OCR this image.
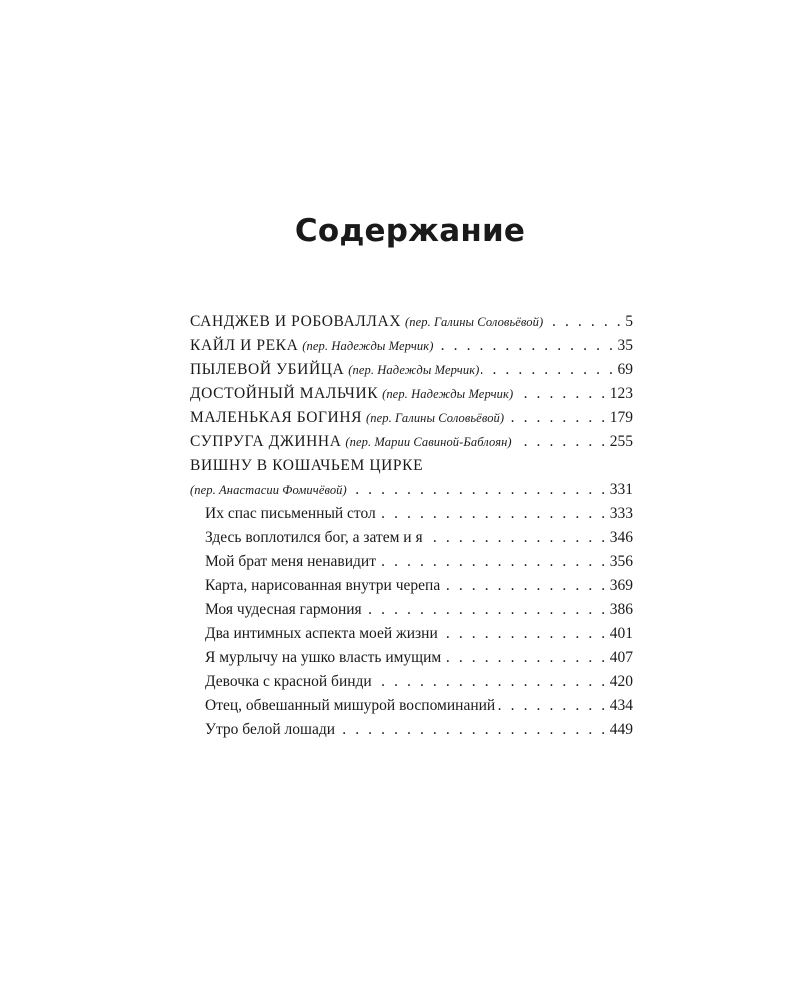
Содержание
САНДЖЕВ И РОБОВАЛЛАХ (пер. Галины Соловьёвой) . . .	5
КАЙЛ И РЕКА (пер. Надежды Мерчик) . . .	35
ПЫЛЕВОЙ УБИЙЦА (пер. Надежды Мерчик) . . .	69
ДОСТОЙНЫЙ МАЛЬЧИК (пер. Надежды Мерчик) . . .	123
МАЛЕНЬКАЯ БОГИНЯ (пер. Галины Соловьёвой) . . .	179
СУПРУГА ДЖИННА (пер. Марии Савиной-Баблоян) . . .	255
ВИШНУ В КОШАЧЬЕМ ЦИРКЕ
(пер. Анастасии Фомичёвой) . . .	331
Их спас письменный стол . . .	333
Здесь воплотился бог, а затем и я . . .	346
Мой брат меня ненавидит . . .	356
Карта, нарисованная внутри черепа . . .	369
Моя чудесная гармония . . .	386
Два интимных аспекта моей жизни . . .	401
Я мурлычу на ушко власть имущим . . .	407
Девочка с красной бинди . . .	420
Отец, обвешанный мишурой воспоминаний . . .	434
Утро белой лошади . . .	449
